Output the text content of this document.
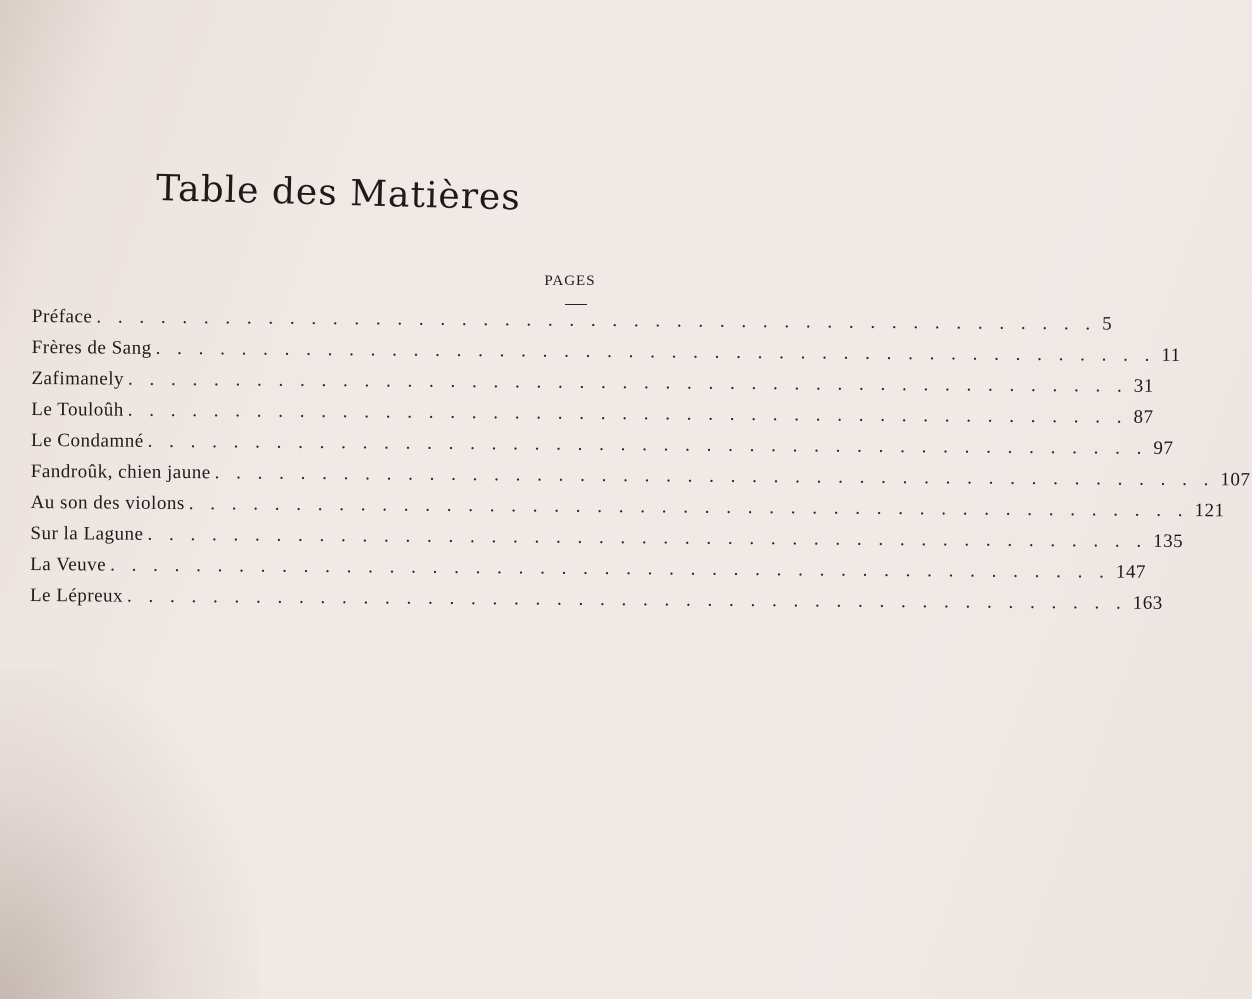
Table des Matières
PAGES
Préface . . . . . . . . . . . . . . . . . . . . . . . . . . . . . . . . . . . . . . . . . . . . . . . 5
Frères de Sang . . . . . . . . . . . . . . . . . . . . . . . . . . . . . . . . . . . . . . . . . . . . . . . 11
Zafimanely . . . . . . . . . . . . . . . . . . . . . . . . . . . . . . . . . . . . . . . . . . . . . . . 31
Le Touloûh . . . . . . . . . . . . . . . . . . . . . . . . . . . . . . . . . . . . . . . . . . . . . . . 87
Le Condamné . . . . . . . . . . . . . . . . . . . . . . . . . . . . . . . . . . . . . . . . . . . . . . . 97
Fandroûk, chien jaune . . . . . . . . . . . . . . . . . . . . . . . . . . . . . . . . . . . . . . . . . . . . . . . 107
Au son des violons . . . . . . . . . . . . . . . . . . . . . . . . . . . . . . . . . . . . . . . . . . . . . . . 121
Sur la Lagune . . . . . . . . . . . . . . . . . . . . . . . . . . . . . . . . . . . . . . . . . . . . . . . 135
La Veuve . . . . . . . . . . . . . . . . . . . . . . . . . . . . . . . . . . . . . . . . . . . . . . . 147
Le Lépreux . . . . . . . . . . . . . . . . . . . . . . . . . . . . . . . . . . . . . . . . . . . . . . . 163
